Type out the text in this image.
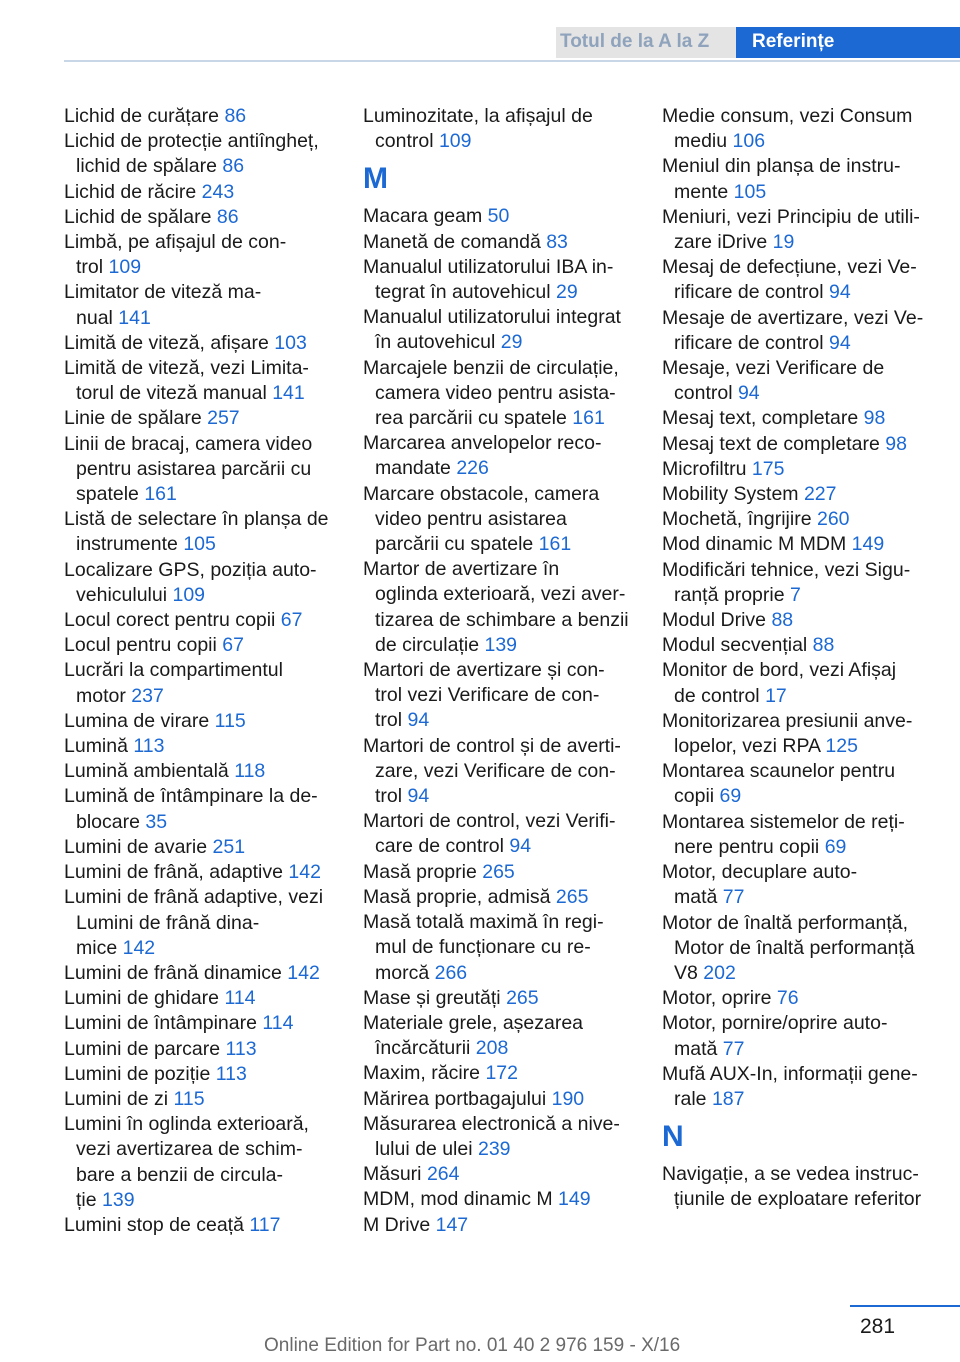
Totul de la A la Z Referințe
Lichid de curățare 86
Lichid de protecție antiîngheț,
lichid de spălare 86
Lichid de răcire 243
Lichid de spălare 86
Limbă, pe afișajul de con-
trol 109
Limitator de viteză ma-
nual 141
Limită de viteză, afișare 103
Limită de viteză, vezi Limita-
torul de viteză manual 141
Linie de spălare 257
Linii de bracaj, camera video
pentru asistarea parcării cu
spatele 161
Listă de selectare în planșa de
instrumente 105
Localizare GPS, poziția auto-
vehiculului 109
Locul corect pentru copii 67
Locul pentru copii 67
Lucrări la compartimentul
motor 237
Lumina de virare 115
Lumină 113
Lumină ambientală 118
Lumină de întâmpinare la de-
blocare 35
Lumini de avarie 251
Lumini de frână, adaptive 142
Lumini de frână adaptive, vezi
Lumini de frână dina-
mice 142
Lumini de frână dinamice 142
Lumini de ghidare 114
Lumini de întâmpinare 114
Lumini de parcare 113
Lumini de poziție 113
Lumini de zi 115
Lumini în oglinda exterioară,
vezi avertizarea de schim-
bare a benzii de circula-
ție 139
Lumini stop de ceață 117
Luminozitate, la afișajul de
control 109
M
Macara geam 50
Manetă de comandă 83
Manualul utilizatorului IBA in-
tegrat în autovehicul 29
Manualul utilizatorului integrat
în autovehicul 29
Marcajele benzii de circulație,
camera video pentru asista-
rea parcării cu spatele 161
Marcarea anvelopelor reco-
mandate 226
Marcare obstacole, camera
video pentru asistarea
parcării cu spatele 161
Martor de avertizare în
oglinda exterioară, vezi aver-
tizarea de schimbare a benzii
de circulație 139
Martori de avertizare și con-
trol vezi Verificare de con-
trol 94
Martori de control și de averti-
zare, vezi Verificare de con-
trol 94
Martori de control, vezi Verifi-
care de control 94
Masă proprie 265
Masă proprie, admisă 265
Masă totală maximă în regi-
mul de funcționare cu re-
morcă 266
Mase și greutăți 265
Materiale grele, așezarea
încărcăturii 208
Maxim, răcire 172
Mărirea portbagajului 190
Măsurarea electronică a nive-
lului de ulei 239
Măsuri 264
MDM, mod dinamic M 149
M Drive 147
Medie consum, vezi Consum
mediu 106
Meniul din planșa de instru-
mente 105
Meniuri, vezi Principiu de utili-
zare iDrive 19
Mesaj de defecțiune, vezi Ve-
rificare de control 94
Mesaje de avertizare, vezi Ve-
rificare de control 94
Mesaje, vezi Verificare de
control 94
Mesaj text, completare 98
Mesaj text de completare 98
Microfiltru 175
Mobility System 227
Mochetă, îngrijire 260
Mod dinamic M MDM 149
Modificări tehnice, vezi Sigu-
ranță proprie 7
Modul Drive 88
Modul secvențial 88
Monitor de bord, vezi Afișaj
de control 17
Monitorizarea presiunii anve-
lopelor, vezi RPA 125
Montarea scaunelor pentru
copii 69
Montarea sistemelor de reți-
nere pentru copii 69
Motor, decuplare auto-
mată 77
Motor de înaltă performanță,
Motor de înaltă performanță
V8 202
Motor, oprire 76
Motor, pornire/oprire auto-
mată 77
Mufă AUX-In, informații gene-
rale 187
N
Navigație, a se vedea instruc-
țiunile de exploatare referitor
281
Online Edition for Part no. 01 40 2 976 159 - X/16
